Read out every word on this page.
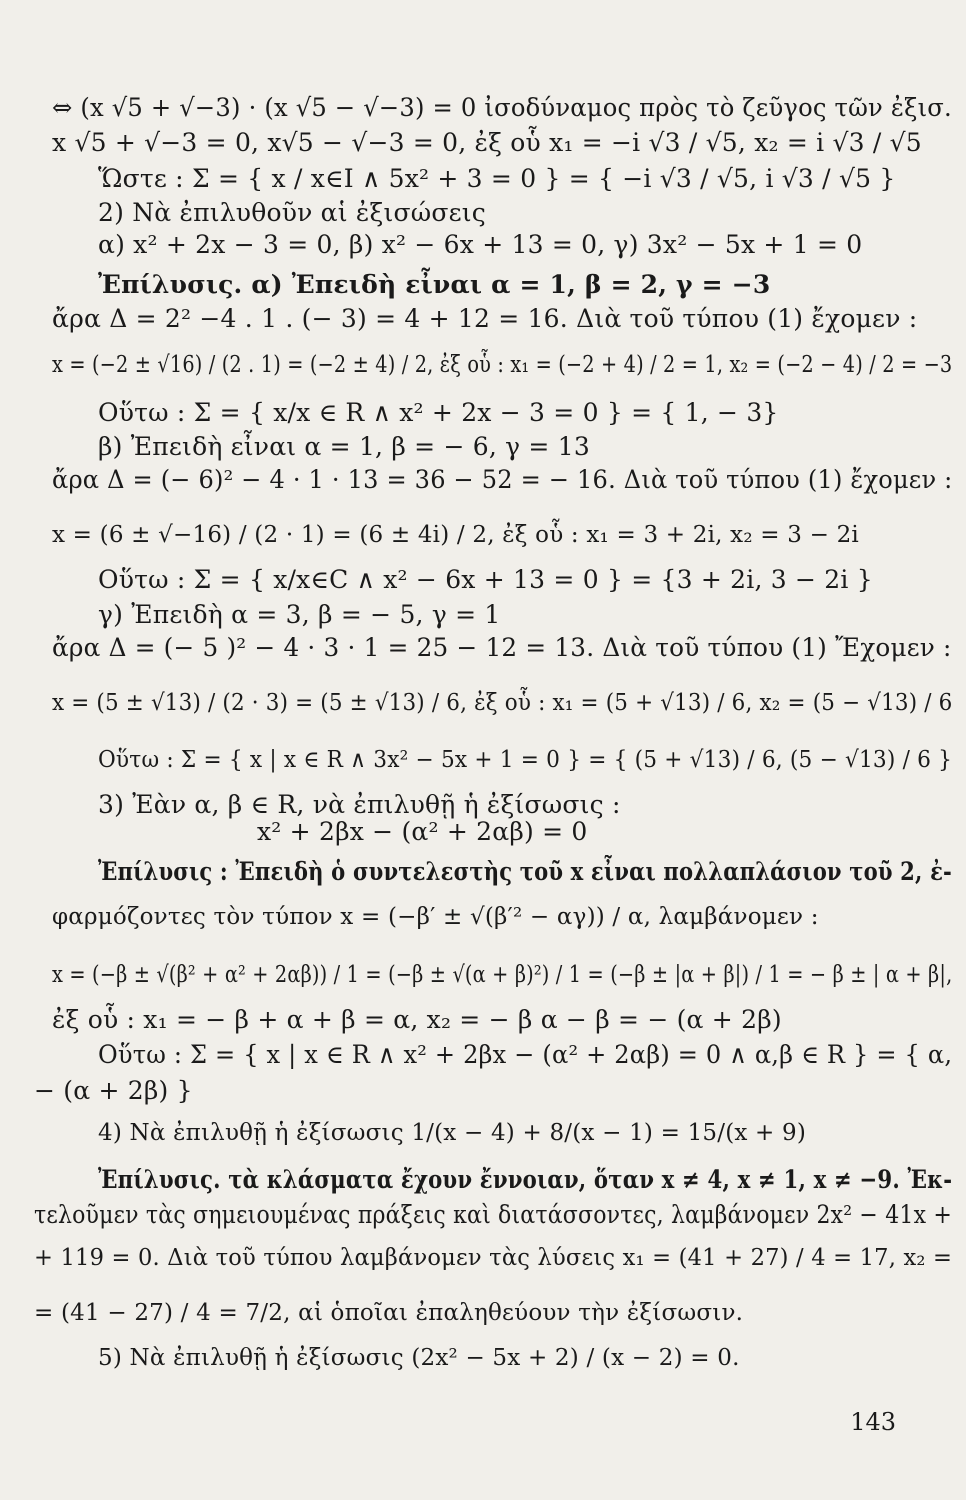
⇔ (x √5 + √−3) · (x √5 − √−3) = 0 ἰσοδύναμος πρὸς τὸ ζεῦγος τῶν ἐξισ.
x √5 + √−3 = 0, x√5 − √−3 = 0, ἐξ οὗ x₁ = −i √3 / √5, x₂ = i √3 / √5
Ὥστε : Σ = { x / x∈Ι ∧ 5x² + 3 = 0 } = { −i √3 / √5, i √3 / √5 }
2) Νὰ ἐπιλυθοῦν αἱ ἐξισώσεις
α) x² + 2x − 3 = 0, β) x² − 6x + 13 = 0, γ) 3x² − 5x + 1 = 0
Ἐπίλυσις. α) Ἐπειδὴ εἶναι α = 1, β = 2, γ = −3
ἄρα Δ = 2² −4 . 1 . (− 3) = 4 + 12 = 16. Διὰ τοῦ τύπου (1) ἔχομεν :
x = (−2 ± √16) / (2 . 1) = (−2 ± 4) / 2, ἐξ οὗ : x₁ = (−2 + 4) / 2 = 1, x₂ = (−2 − 4) / 2 = −3
Οὕτω : Σ = { x/x ∈ R ∧ x² + 2x − 3 = 0 } = { 1, − 3}
β) Ἐπειδὴ εἶναι α = 1, β = − 6, γ = 13
ἄρα Δ = (− 6)² − 4 · 1 · 13 = 36 − 52 = − 16. Διὰ τοῦ τύπου (1) ἔχομεν :
x = (6 ± √−16) / (2 · 1) = (6 ± 4i) / 2, ἐξ οὗ : x₁ = 3 + 2i, x₂ = 3 − 2i
Οὕτω : Σ = { x/x∈C ∧ x² − 6x + 13 = 0 } = {3 + 2i, 3 − 2i }
γ) Ἐπειδὴ α = 3, β = − 5, γ = 1
ἄρα Δ = (− 5 )² − 4 · 3 · 1 = 25 − 12 = 13. Διὰ τοῦ τύπου (1) Ἔχομεν :
x = (5 ± √13) / (2 · 3) = (5 ± √13) / 6, ἐξ οὗ : x₁ = (5 + √13) / 6, x₂ = (5 − √13) / 6
Οὕτω : Σ = { x | x ∈ R ∧ 3x² − 5x + 1 = 0 } = { (5 + √13) / 6, (5 − √13) / 6 }
3) Ἐὰν α, β ∈ R, νὰ ἐπιλυθῇ ἡ ἐξίσωσις :
x² + 2βx − (α² + 2αβ) = 0
Ἐπίλυσις : Ἐπειδὴ ὁ συντελεστὴς τοῦ x εἶναι πολλαπλάσιον τοῦ 2, ἐ-
φαρμόζοντες τὸν τύπον x = (−β′ ± √(β′² − αγ)) / α, λαμβάνομεν :
x = (−β ± √(β² + α² + 2αβ)) / 1 = (−β ± √(α + β)²) / 1 = (−β ± |α + β|) / 1 = − β ± | α + β|,
ἐξ οὗ : x₁ = − β + α + β = α, x₂ = − β α − β = − (α + 2β)
Οὕτω : Σ = { x | x ∈ R ∧ x² + 2βx − (α² + 2αβ) = 0 ∧ α,β ∈ R } = { α,
− (α + 2β) }
4) Νὰ ἐπιλυθῇ ἡ ἐξίσωσις 1/(x − 4) + 8/(x − 1) = 15/(x + 9)
Ἐπίλυσις. τὰ κλάσματα ἔχουν ἔννοιαν, ὅταν x ≠ 4, x ≠ 1, x ≠ −9. Ἐκ-
τελοῦμεν τὰς σημειουμένας πράξεις καὶ διατάσσοντες, λαμβάνομεν 2x² − 41x +
+ 119 = 0. Διὰ τοῦ τύπου λαμβάνομεν τὰς λύσεις x₁ = (41 + 27) / 4 = 17, x₂ =
= (41 − 27) / 4 = 7/2, αἱ ὁποῖαι ἐπαληθεύουν τὴν ἐξίσωσιν.
5) Νὰ ἐπιλυθῇ ἡ ἐξίσωσις (2x² − 5x + 2) / (x − 2) = 0.
143
